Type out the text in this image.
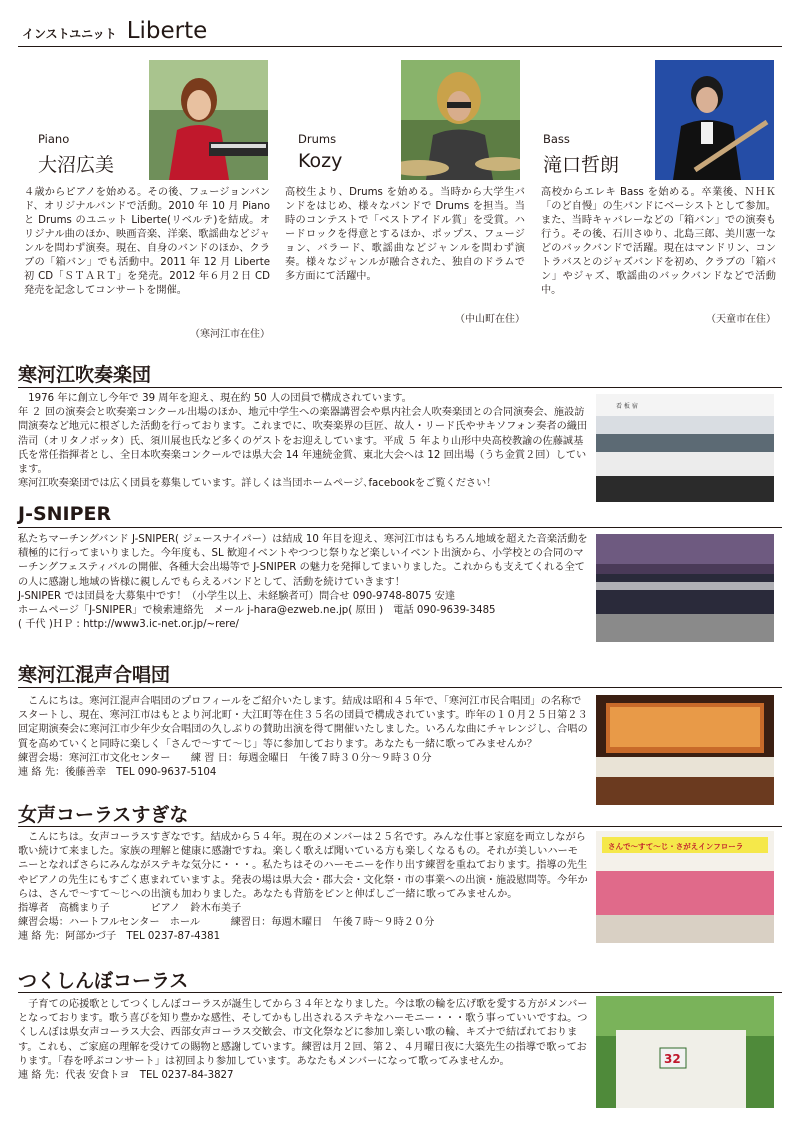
インストユニット Liberte
Piano
大沼広美
４歳からピアノを始める。その後、フュージョンバンド、オリジナルバンドで活動。2010 年 10 月 Piano と Drums のユニット Liberte(リベルテ)を結成。オリジナル曲のほか、映画音楽、洋楽、歌謡曲などジャンルを問わず演奏。現在、自身のバンドのほか、クラブの「箱バン」でも活動中。2011 年 12 月 Liberte 初 CD「ＳＴＡＲＴ」を発売。2012 年６月２日 CD 発売を記念してコンサートを開催。
（寒河江市在住）
Drums
Kozy
高校生より、Drums を始める。当時から大学生バンドをはじめ、様々なバンドで Drums を担当。当時のコンテストで「ベストアイドル賞」を受賞。ハードロックを得意とするほか、ポップス、フュージョン、バラード、歌謡曲などジャンルを問わず演奏。様々なジャンルが融合された、独自のドラムで多方面にて活躍中。
（中山町在住）
Bass
滝口哲朗
高校からエレキ Bass を始める。卒業後、ＮＨＫ「のど自慢」の生バンドにベーシストとして参加。また、当時キャバレーなどの「箱バン」での演奏も行う。その後、石川さゆり、北島三郎、美川憲一などのバックバンドで活躍。現在はマンドリン、コントラバスとのジャズバンドを初め、クラブの「箱バン」やジャズ、歌謡曲のバックバンドなどで活動中。
（天童市在住）
寒河江吹奏楽団

　1976 年に創立し今年で 39 周年を迎え、現在約 50 人の団員で構成されています。

年 ２ 回の演奏会と吹奏楽コンクール出場のほか、地元中学生への楽器講習会や県内社会人吹奏楽団との合同演奏会、施設訪問演奏など地元に根ざした活動を行っております。これまでに、吹奏楽界の巨匠、故人・リード氏やサキソフォン奏者の織田浩司（オリタノボッタ）氏、須川展也氏など多くのゲストをお迎えしています。平成 ５ 年より山形中央高校教諭の佐藤誠基氏を常任指揮者とし、全日本吹奏楽コンクールでは県大会 14 年連続金賞、東北大会へは 12 回出場（うち金賞２回）しています。

寒河江吹奏楽団では広く団員を募集しています。詳しくは当団ホームページ､facebookをご覧ください！

看 板 宿
J-SNIPER

私たちマーチングバンド J-SNIPER( ジェースナイパー）は結成 10 年目を迎え、寒河江市はもちろん地域を超えた音楽活動を積極的に行ってまいりました。今年度も、SL 歓迎イベントやつつじ祭りなど楽しいイベント出演から、小学校との合同のマーチングフェスティバルの開催、各種大会出場等で J-SNIPER の魅力を発揮してまいりました。これからも支えてくれる全ての人に感謝し地域の皆様に親しんでもらえるバンドとして、活動を続けていきます！

J-SNIPER では団員を大募集中です！（小学生以上、未経験者可）問合せ 090-9748-8075 安達

ホームページ「J-SNIPER」で検索連絡先　メール j-hara@ezweb.ne.jp( 原田 )　電話 090-9639-3485

( 千代 )ＨＰ : http://www3.ic-net.or.jp/~rere/

寒河江混声合唱団

　こんにちは。寒河江混声合唱団のプロフィールをご紹介いたします。結成は昭和４５年で、「寒河江市民合唱団」の名称でスタートし、現在、寒河江市はもとより河北町・大江町等在住３５名の団員で構成されています。昨年の１０月２５日第２３回定期演奏会に寒河江市少年少女合唱団の久しぶりの賛助出演を得て開催いたしました。いろんな曲にチャレンジし、合唱の質を高めていくと同時に楽しく「さんで〜すて〜じ」等に参加しております。あなたも一緒に歌ってみませんか？

練習会場：寒河江市文化センター　　練 習 日：毎週金曜日　午後７時３０分〜９時３０分

連 絡 先：後藤善幸　TEL 090-9637-5104

女声コーラスすぎな

　こんにちは。女声コーラスすぎなです。結成から５４年。現在のメンバーは２５名です。みんな仕事と家庭を両立しながら歌い続けて来ました。家族の理解と健康に感謝ですね。楽しく歌えば聞いている方も楽しくなるもの。それが美しいハーモニーとなればさらにみんながステキな気分に・・・。私たちはそのハーモニーを作り出す練習を重ねております。指導の先生やピアノの先生にもすごく恵まれていますよ。発表の場は県大会・郡大会・文化祭・市の事業への出演・施設慰問等。今年からは、さんで〜すて〜じへの出演も加わりました。あなたも背筋をピンと伸ばしご一緒に歌ってみませんか。

指導者　高橋まり子　　　　ピアノ　鈴木布美子

練習会場：ハートフルセンター　ホール　　　練習日：毎週木曜日　午後７時〜９時２０分

連 絡 先：阿部かづ子　TEL 0237-87-4381

さんで〜すて〜じ・さがえインフローラ
つくしんぼコーラス

　子育ての応援歌としてつくしんぼコーラスが誕生してから３４年となりました。今は歌の輪を広げ歌を愛する方がメンバーとなっております。歌う喜びを知り豊かな感性、そしてかもし出されるステキなハーモニー・・・歌う事っていいですね。つくしんぼは県女声コーラス大会、西部女声コーラス交歓会、市文化祭などに参加し楽しい歌の輪、キズナで結ばれております。これも、ご家庭の理解を受けての賜物と感謝しています。練習は月２回、第２、４月曜日夜に大築先生の指導で歌っております。｢春を呼ぶコンサート」は初回より参加しています。あなたもメンバーになって歌ってみませんか。

連 絡 先：代表 安食トヨ　TEL 0237-84-3827

32
